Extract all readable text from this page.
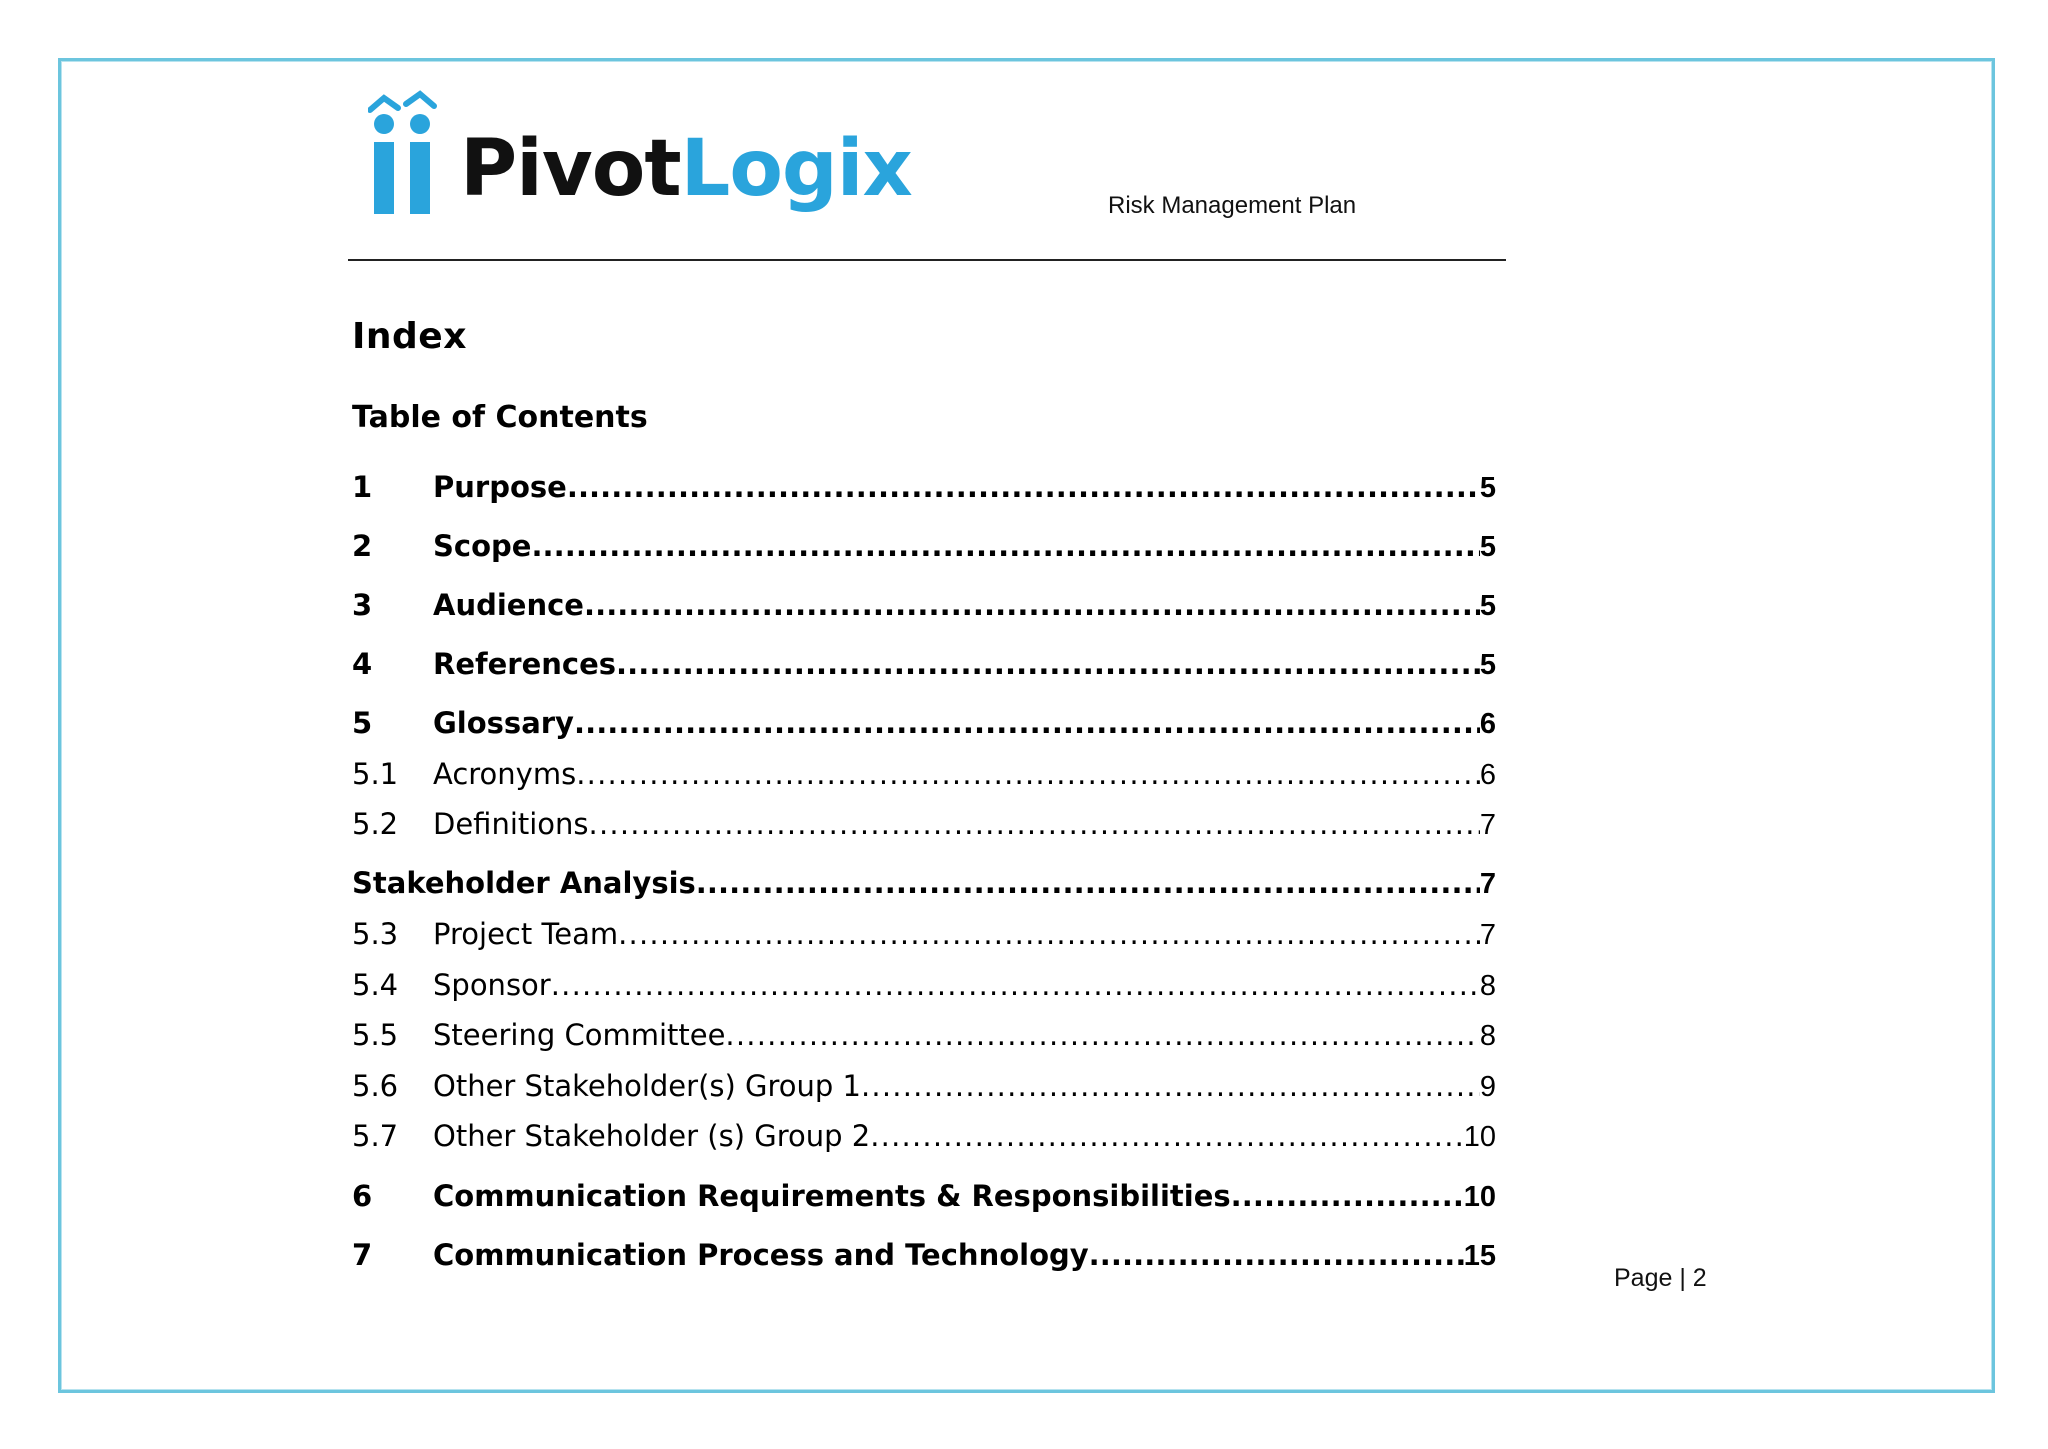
PivotLogix	Risk Management Plan
Index
Table of Contents
1	Purpose . . .	5
2	Scope . . .	5
3	Audience . . .	5
4	References . . .	5
5	Glossary . . .	6
5.1	Acronyms . . .	6
5.2	Definitions . . .	7
Stakeholder Analysis . . .	7
5.3	Project Team . . .	7
5.4	Sponsor . . .	8
5.5	Steering Committee . . .	8
5.6	Other Stakeholder(s) Group 1 . . .	9
5.7	Other Stakeholder (s) Group 2 . . .	10
6	Communication Requirements & Responsibilities . . .	10
7	Communication Process and Technology . . .	15
Page | 2
